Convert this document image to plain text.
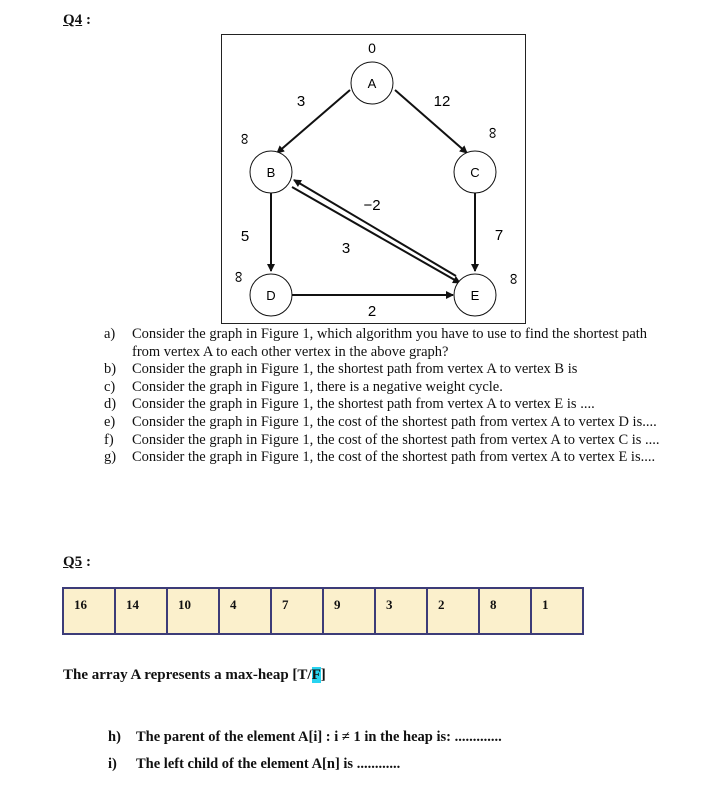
Q4 :
A
B	C
D	E
0
∞
∞
∞	∞
3	12
5	7
2
3
−2
a)	Consider the graph in Figure 1, which algorithm you have to use to find the shortest path from vertex A to each other vertex in the above graph?
b)	Consider the graph in Figure 1, the shortest path from vertex A to vertex B is
c)	Consider the graph in Figure 1, there is a negative weight cycle.
d)	Consider the graph in Figure 1, the shortest path from vertex A to vertex E is ....
e)	Consider the graph in Figure 1, the cost of the shortest path from vertex A to vertex D is....
f)	Consider the graph in Figure 1, the cost of the shortest path from vertex A to vertex C is ....
g)	Consider the graph in Figure 1, the cost of the shortest path from vertex A to vertex E is....
Q5 :
16	14	10	4	7	9	3	2	8	1
The array A represents a max-heap [T/F]
h) The parent of the element A[i] : i ≠ 1 in the heap is: .............
i) The left child of the element A[n] is ............
